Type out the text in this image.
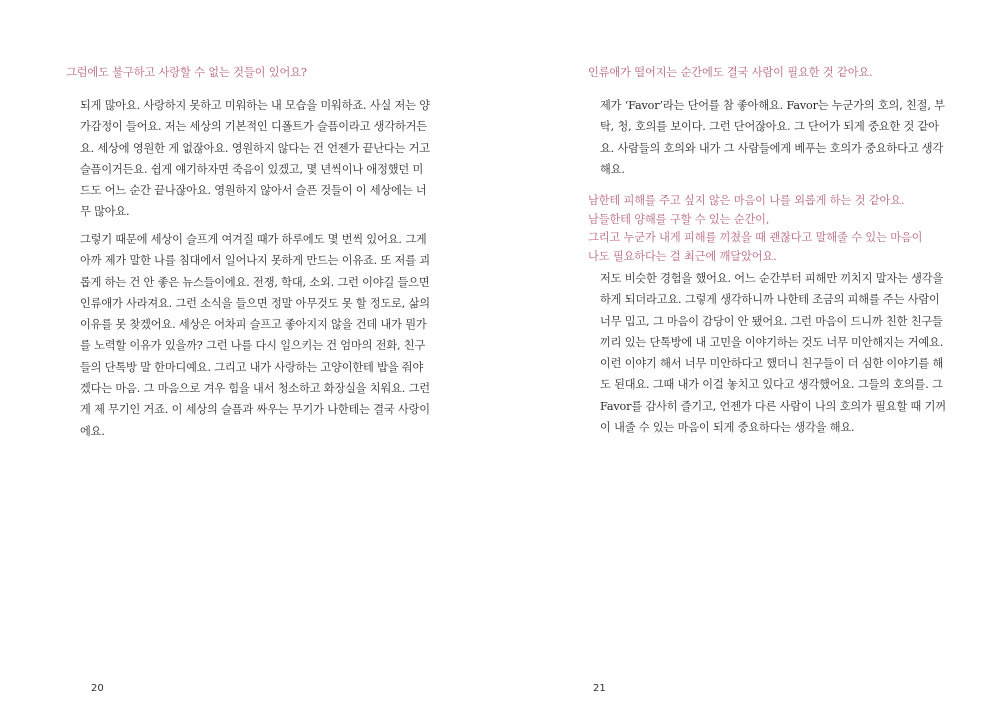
그럼에도 불구하고 사랑할 수 없는 것들이 있어요?

되게 많아요. 사랑하지 못하고 미워하는 내 모습을 미워하죠. 사실 저는 양
가감정이 들어요. 저는 세상의 기본적인 디폴트가 슬픔이라고 생각하거든
요. 세상에 영원한 게 없잖아요. 영원하지 않다는 건 언젠가 끝난다는 거고
슬픔이거든요. 쉽게 얘기하자면 죽음이 있겠고, 몇 년씩이나 애정했던 미
드도 어느 순간 끝나잖아요. 영원하지 않아서 슬픈 것들이 이 세상에는 너
무 많아요.
그렇기 때문에 세상이 슬프게 여겨질 때가 하루에도 몇 번씩 있어요. 그게
아까 제가 말한 나를 침대에서 일어나지 못하게 만드는 이유죠. 또 저를 괴
롭게 하는 건 안 좋은 뉴스들이에요. 전쟁, 학대, 소외. 그런 이야길 들으면
인류애가 사라져요. 그런 소식을 들으면 정말 아무것도 못 할 정도로, 삶의
이유를 못 찾겠어요. 세상은 어차피 슬프고 좋아지지 않을 건데 내가 뭔가
를 노력할 이유가 있을까? 그런 나를 다시 일으키는 건 엄마의 전화, 친구
들의 단톡방 말 한마디예요. 그리고 내가 사랑하는 고양이한테 밥을 줘야
겠다는 마음. 그 마음으로 겨우 힘을 내서 청소하고 화장실을 치워요. 그런
게 제 무기인 거죠. 이 세상의 슬픔과 싸우는 무기가 나한테는 결국 사랑이
에요.
20

인류애가 떨어지는 순간에도 결국 사람이 필요한 것 같아요.

제가 ‘Favor’라는 단어를 참 좋아해요. Favor는 누군가의 호의, 친절, 부
탁, 청, 호의를 보이다. 그런 단어잖아요. 그 단어가 되게 중요한 것 같아
요. 사람들의 호의와 내가 그 사람들에게 베푸는 호의가 중요하다고 생각
해요.
남한테 피해를 주고 싶지 않은 마음이 나를 외롭게 하는 것 같아요.
남들한테 양해를 구할 수 있는 순간이,
그리고 누군가 내게 피해를 끼쳤을 때 괜찮다고 말해줄 수 있는 마음이
나도 필요하다는 걸 최근에 깨달았어요.
저도 비슷한 경험을 했어요. 어느 순간부터 피해만 끼치지 말자는 생각을
하게 되더라고요. 그렇게 생각하니까 나한테 조금의 피해를 주는 사람이
너무 밉고, 그 마음이 감당이 안 됐어요. 그런 마음이 드니까 친한 친구들
끼리 있는 단톡방에 내 고민을 이야기하는 것도 너무 미안해지는 거예요.
이런 이야기 해서 너무 미안하다고 했더니 친구들이 더 심한 이야기를 해
도 된대요. 그때 내가 이걸 놓치고 있다고 생각했어요. 그들의 호의를. 그
Favor를 감사히 즐기고, 언젠가 다른 사람이 나의 호의가 필요할 때 기꺼
이 내줄 수 있는 마음이 되게 중요하다는 생각을 해요.
21
